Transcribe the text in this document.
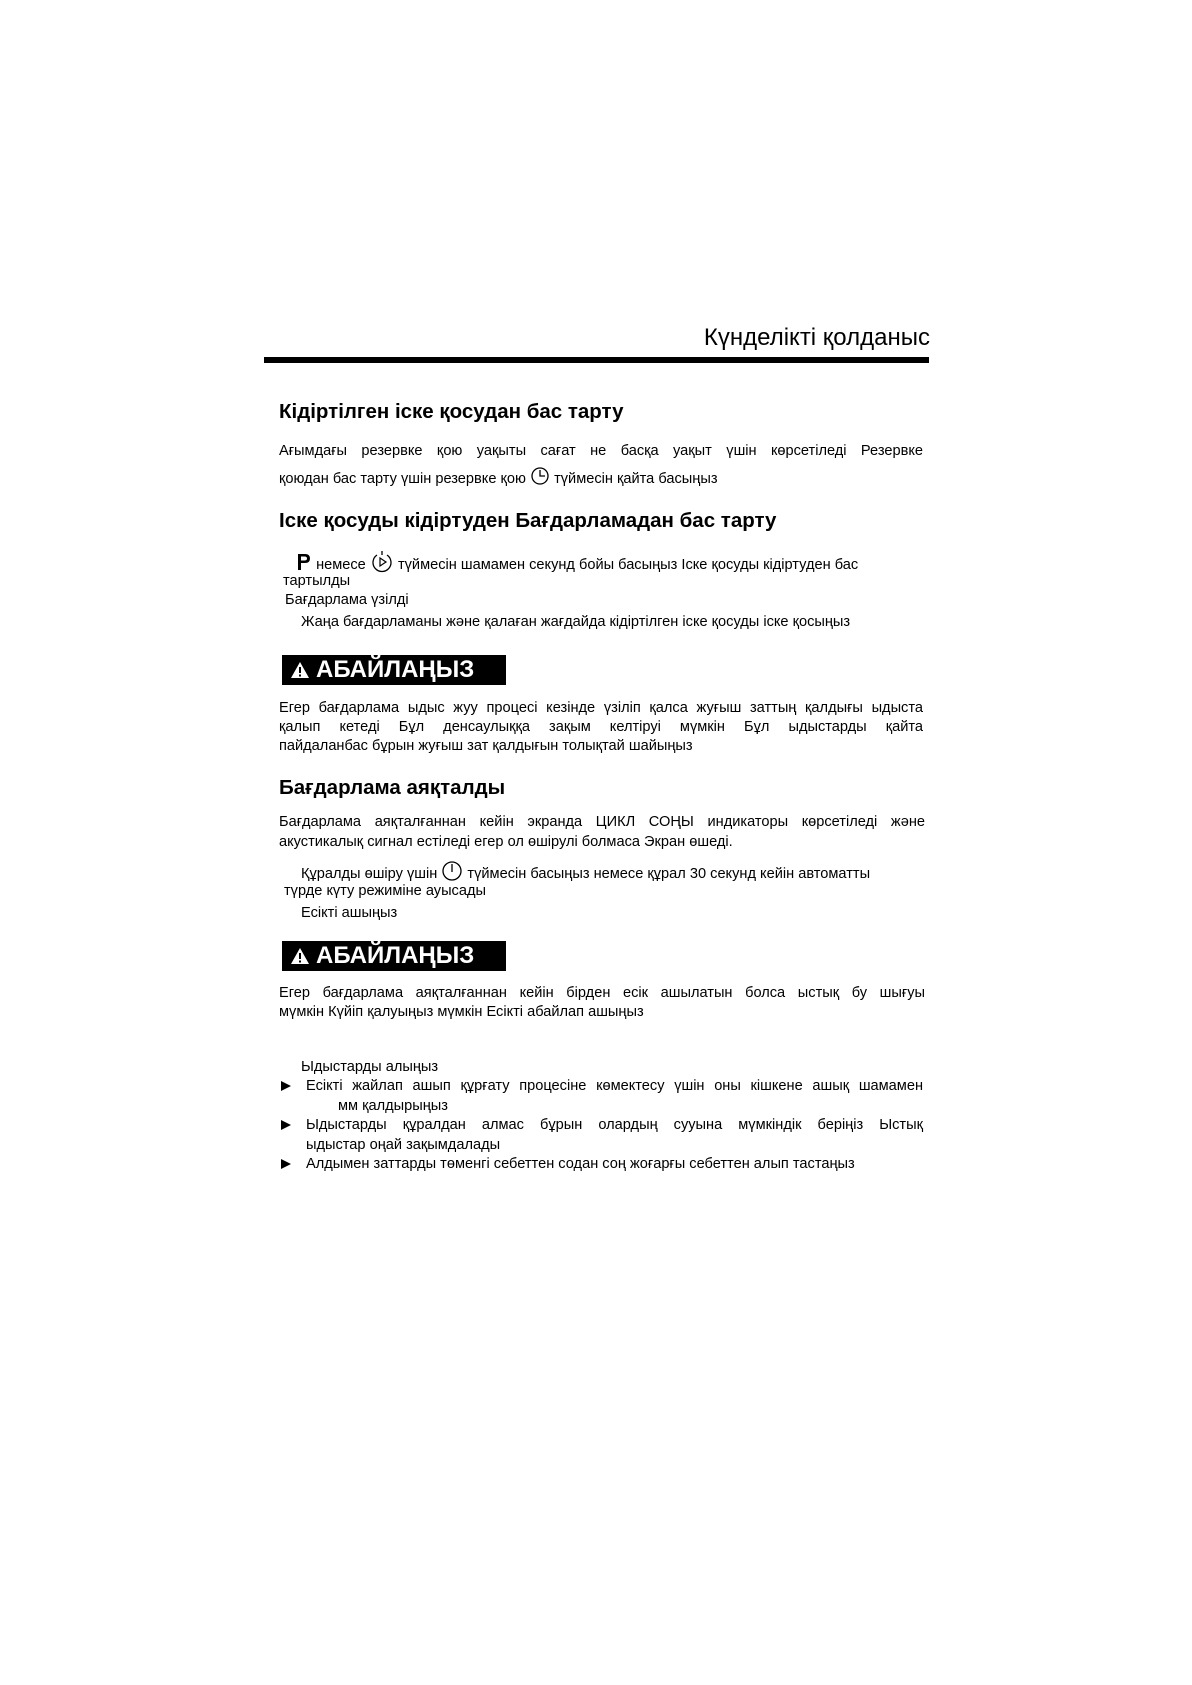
Күнделікті қолданыс
Кідіртілген іске қосудан бас тарту
Ағымдағы резервке қою уақыты сағат не басқа уақыт үшін көрсетіледі Резервке
қоюдан бас тарту үшін резервке қою түймесін қайта басыңыз
Іске қосуды кідіртуден Бағдарламадан бас тарту
немесе түймесін шамамен секунд бойы басыңыз Іске қосуды кідіртуден бас
тартылды
Бағдарлама үзілді
Жаңа бағдарламаны және қалаған жағдайда кідіртілген іске қосуды іске қосыңыз
АБАЙЛАҢЫЗ
Егер бағдарлама ыдыс жуу процесі кезінде үзіліп қалса жуғыш заттың қалдығы ыдыста
қалып кетеді Бұл денсаулыққа зақым келтіруі мүмкін Бұл ыдыстарды қайта
пайдаланбас бұрын жуғыш зат қалдығын толықтай шайыңыз
Бағдарлама аяқталды
Бағдарлама аяқталғаннан кейін экранда ЦИКЛ СОҢЫ индикаторы көрсетіледі және
акустикалық сигнал естіледі егер ол өшірулі болмаса Экран өшеді.
Құралды өшіру үшін түймесін басыңыз немесе құрал 30 секунд кейін автоматты
түрде күту режиміне ауысады
Есікті ашыңыз
АБАЙЛАҢЫЗ
Егер бағдарлама аяқталғаннан кейін бірден есік ашылатын болса ыстық бу шығуы
мүмкін Күйіп қалуыңыз мүмкін Есікті абайлап ашыңыз
Ыдыстарды алыңыз
Есікті жайлап ашып құрғату процесіне көмектесу үшін оны кішкене ашық шамамен
мм қалдырыңыз
Ыдыстарды құралдан алмас бұрын олардың сууына мүмкіндік беріңіз Ыстық
ыдыстар оңай зақымдалады
Алдымен заттарды төменгі себеттен содан соң жоғарғы себеттен алып тастаңыз
